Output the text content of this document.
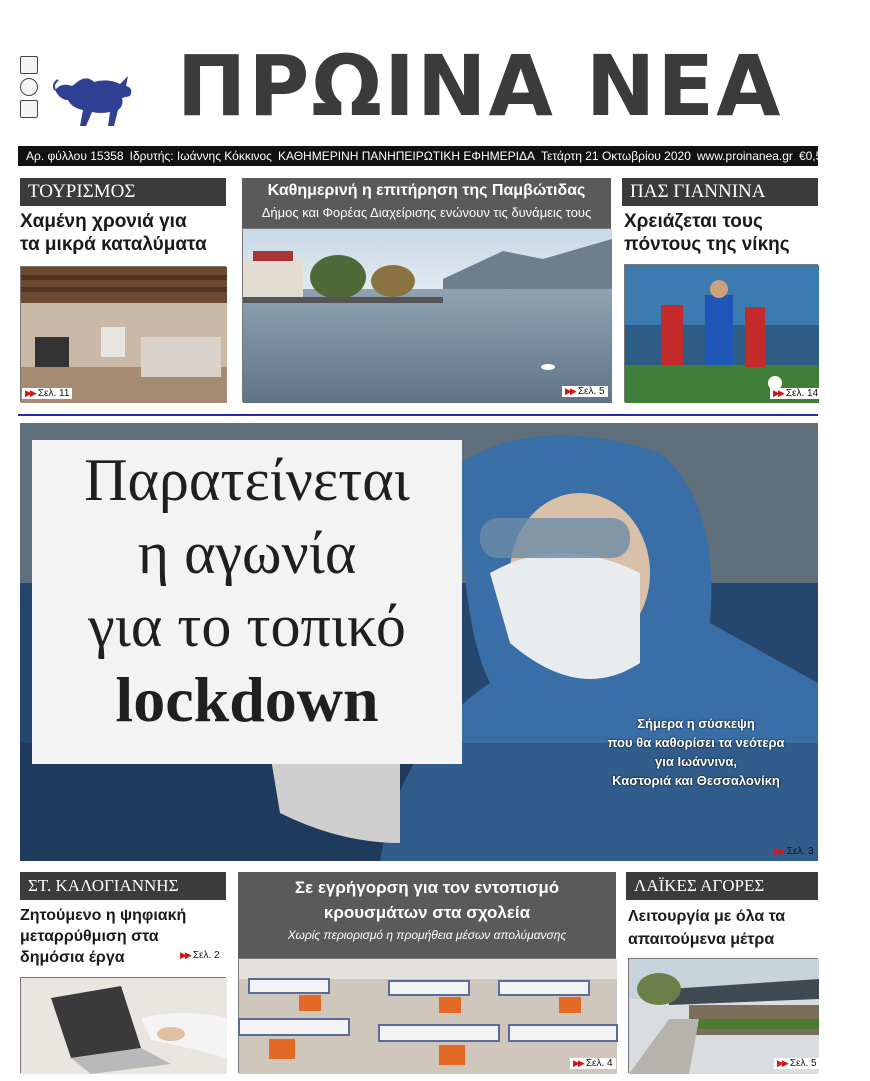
ΠΡΩΙΝΑ ΝΕΑ
Αρ. φύλλου 15358 Ιδρυτής: Ιωάννης Κόκκινος ΚΑΘΗΜΕΡΙΝΗ ΠΑΝΗΠΕΙΡΩΤΙΚΗ ΕΦΗΜΕΡΙΔΑ Τετάρτη 21 Οκτωβρίου 2020 www.proinanea.gr €0,50
ΤΟΥΡΙΣΜΟΣ
Χαμένη χρονιά για
τα μικρά καταλύματα
▶▶ Σελ. 11
Καθημερινή η επιτήρηση της Παμβώτιδας
Δήμος και Φορέας Διαχείρισης ενώνουν τις δυνάμεις τους
▶▶ Σελ. 5
ΠΑΣ ΓΙΑΝΝΙΝΑ
Χρειάζεται τους
πόντους της νίκης
▶▶ Σελ. 14
Παρατείνεται
η αγωνία
για το τοπικό
lockdown	Σήμερα η σύσκεψη
που θα καθορίσει τα νεότερα
για Ιωάννινα,
Καστοριά και Θεσσαλονίκη
▶▶ Σελ. 3
ΣΤ. ΚΑΛΟΓΙΑΝΝΗΣ
Ζητούμενο η ψηφιακή
μεταρρύθμιση στα
δημόσια έργα	▶▶ Σελ. 2
Σε εγρήγορση για τον εντοπισμό
κρουσμάτων στα σχολεία
Χωρίς περιορισμό η προμήθεια μέσων απολύμανσης
▶▶ Σελ. 4
ΛΑΪΚΕΣ ΑΓΟΡΕΣ
Λειτουργία με όλα τα
απαιτούμενα μέτρα
▶▶ Σελ. 5
